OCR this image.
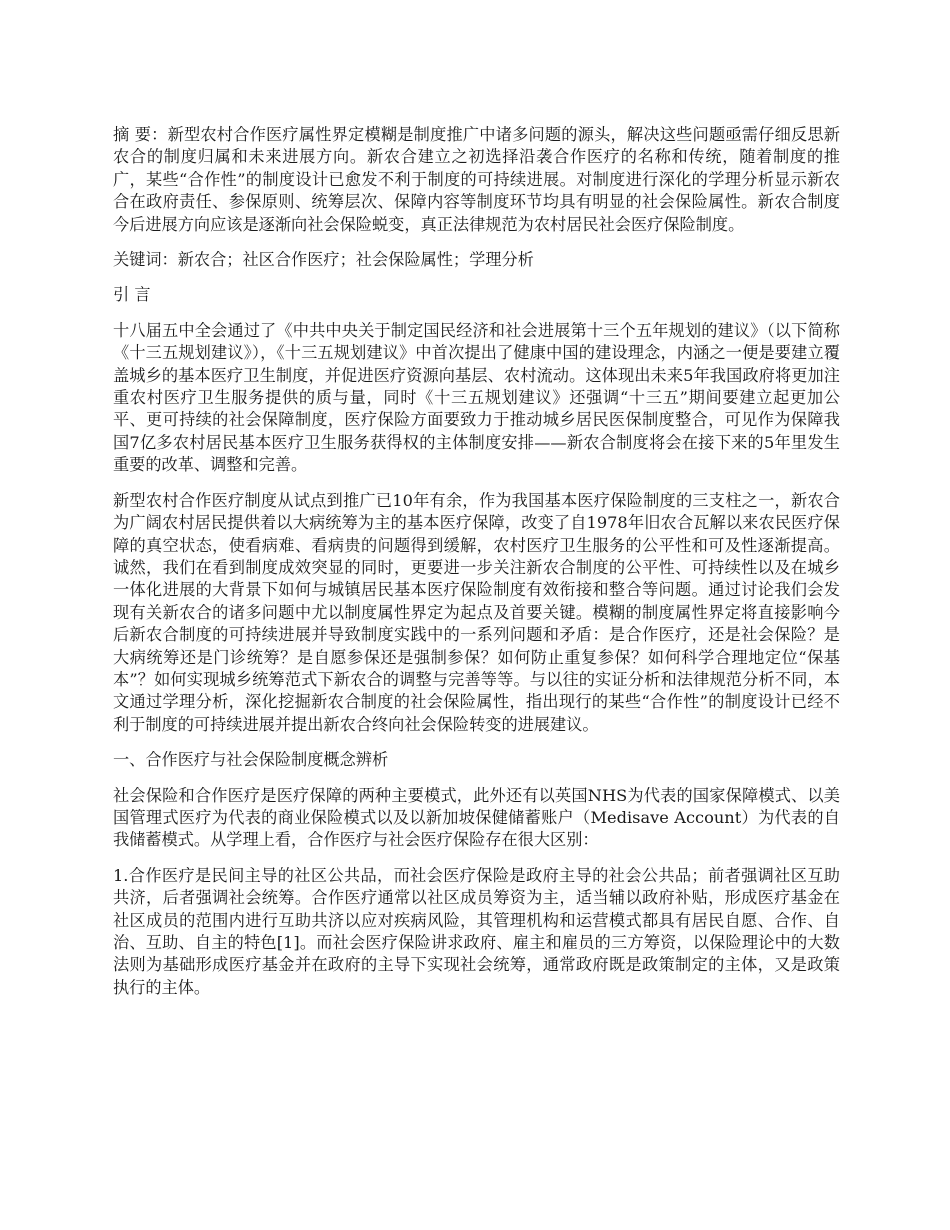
摘 要：新型农村合作医疗属性界定模糊是制度推广中诸多问题的源头，解决这些问题亟需仔细反思新农合的制度归属和未来进展方向。新农合建立之初选择沿袭合作医疗的名称和传统，随着制度的推广，某些“合作性”的制度设计已愈发不利于制度的可持续进展。对制度进行深化的学理分析显示新农合在政府责任、参保原则、统筹层次、保障内容等制度环节均具有明显的社会保险属性。新农合制度今后进展方向应该是逐渐向社会保险蜕变，真正法律规范为农村居民社会医疗保险制度。

关键词：新农合；社区合作医疗；社会保险属性；学理分析

引 言

十八届五中全会通过了《中共中央关于制定国民经济和社会进展第十三个五年规划的建议》（以下简称《十三五规划建议》），《十三五规划建议》中首次提出了健康中国的建设理念，内涵之一便是要建立覆盖城乡的基本医疗卫生制度，并促进医疗资源向基层、农村流动。这体现出未来5年我国政府将更加注重农村医疗卫生服务提供的质与量，同时《十三五规划建议》还强调“十三五”期间要建立起更加公平、更可持续的社会保障制度，医疗保险方面要致力于推动城乡居民医保制度整合，可见作为保障我国7亿多农村居民基本医疗卫生服务获得权的主体制度安排——新农合制度将会在接下来的5年里发生重要的改革、调整和完善。

新型农村合作医疗制度从试点到推广已10年有余，作为我国基本医疗保险制度的三支柱之一，新农合为广阔农村居民提供着以大病统筹为主的基本医疗保障，改变了自1978年旧农合瓦解以来农民医疗保障的真空状态，使看病难、看病贵的问题得到缓解，农村医疗卫生服务的公平性和可及性逐渐提高。诚然，我们在看到制度成效突显的同时，更要进一步关注新农合制度的公平性、可持续性以及在城乡一体化进展的大背景下如何与城镇居民基本医疗保险制度有效衔接和整合等问题。通过讨论我们会发现有关新农合的诸多问题中尤以制度属性界定为起点及首要关键。模糊的制度属性界定将直接影响今后新农合制度的可持续进展并导致制度实践中的一系列问题和矛盾：是合作医疗，还是社会保险？是大病统筹还是门诊统筹？是自愿参保还是强制参保？如何防止重复参保？如何科学合理地定位“保基本”？如何实现城乡统筹范式下新农合的调整与完善等等。与以往的实证分析和法律规范分析不同，本文通过学理分析，深化挖掘新农合制度的社会保险属性，指出现行的某些“合作性”的制度设计已经不利于制度的可持续进展并提出新农合终向社会保险转变的进展建议。

一、合作医疗与社会保险制度概念辨析

社会保险和合作医疗是医疗保障的两种主要模式，此外还有以英国NHS为代表的国家保障模式、以美国管理式医疗为代表的商业保险模式以及以新加坡保健储蓄账户（Medisave Account）为代表的自我储蓄模式。从学理上看，合作医疗与社会医疗保险存在很大区别：

1.合作医疗是民间主导的社区公共品，而社会医疗保险是政府主导的社会公共品；前者强调社区互助共济，后者强调社会统筹。合作医疗通常以社区成员筹资为主，适当辅以政府补贴，形成医疗基金在社区成员的范围内进行互助共济以应对疾病风险，其管理机构和运营模式都具有居民自愿、合作、自治、互助、自主的特色[1]。而社会医疗保险讲求政府、雇主和雇员的三方筹资，以保险理论中的大数法则为基础形成医疗基金并在政府的主导下实现社会统筹，通常政府既是政策制定的主体，又是政策执行的主体。
